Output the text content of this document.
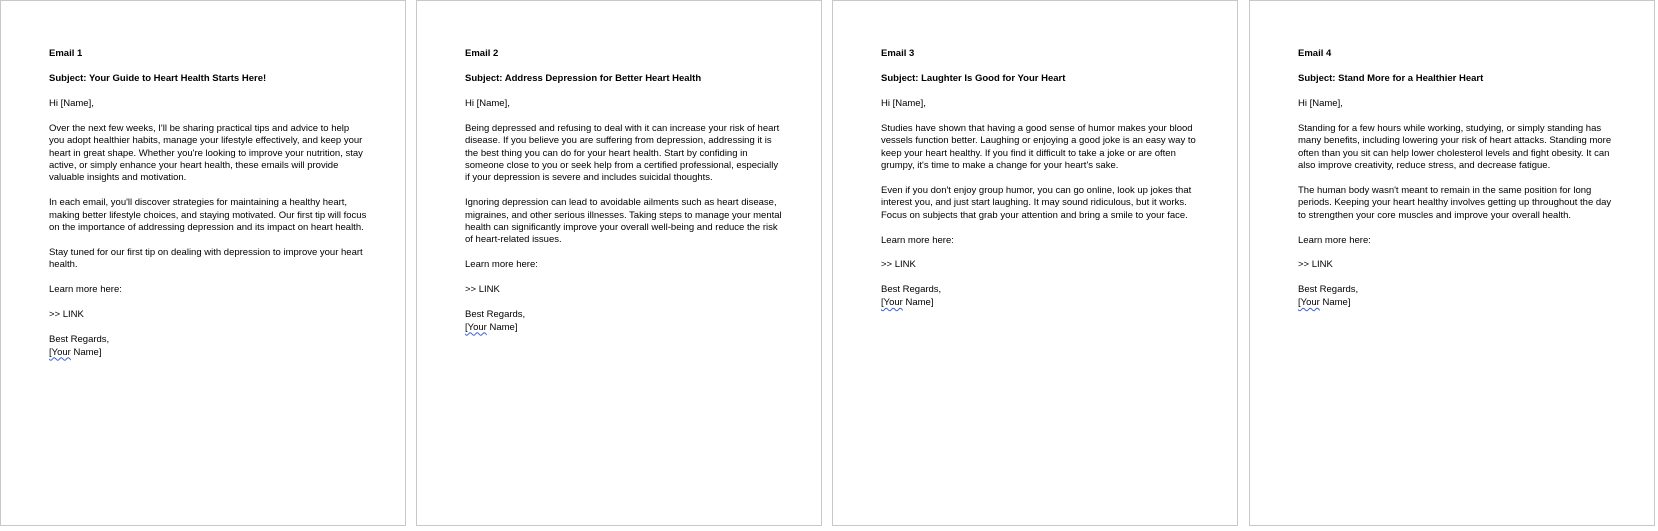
Email 1

Subject: Your Guide to Heart Health Starts Here!

Hi [Name],

Over the next few weeks, I'll be sharing practical tips and advice to help you adopt healthier habits, manage your lifestyle effectively, and keep your heart in great shape. Whether you're looking to improve your nutrition, stay active, or simply enhance your heart health, these emails will provide valuable insights and motivation.

In each email, you'll discover strategies for maintaining a healthy heart, making better lifestyle choices, and staying motivated. Our first tip will focus on the importance of addressing depression and its impact on heart health.

Stay tuned for our first tip on dealing with depression to improve your heart health.

Learn more here:

>> LINK

Best Regards,

[Your Name]

Email 2

Subject: Address Depression for Better Heart Health

Hi [Name],

Being depressed and refusing to deal with it can increase your risk of heart disease. If you believe you are suffering from depression, addressing it is the best thing you can do for your heart health. Start by confiding in someone close to you or seek help from a certified professional, especially if your depression is severe and includes suicidal thoughts.

Ignoring depression can lead to avoidable ailments such as heart disease, migraines, and other serious illnesses. Taking steps to manage your mental health can significantly improve your overall well-being and reduce the risk of heart-related issues.

Learn more here:

>> LINK

Best Regards,

[Your Name]

Email 3

Subject: Laughter Is Good for Your Heart

Hi [Name],

Studies have shown that having a good sense of humor makes your blood vessels function better. Laughing or enjoying a good joke is an easy way to keep your heart healthy. If you find it difficult to take a joke or are often grumpy, it's time to make a change for your heart's sake.

Even if you don't enjoy group humor, you can go online, look up jokes that interest you, and just start laughing. It may sound ridiculous, but it works. Focus on subjects that grab your attention and bring a smile to your face.

Learn more here:

>> LINK

Best Regards,

[Your Name]

Email 4

Subject: Stand More for a Healthier Heart

Hi [Name],

Standing for a few hours while working, studying, or simply standing has many benefits, including lowering your risk of heart attacks. Standing more often than you sit can help lower cholesterol levels and fight obesity. It can also improve creativity, reduce stress, and decrease fatigue.

The human body wasn't meant to remain in the same position for long periods. Keeping your heart healthy involves getting up throughout the day to strengthen your core muscles and improve your overall health.

Learn more here:

>> LINK

Best Regards,

[Your Name]
